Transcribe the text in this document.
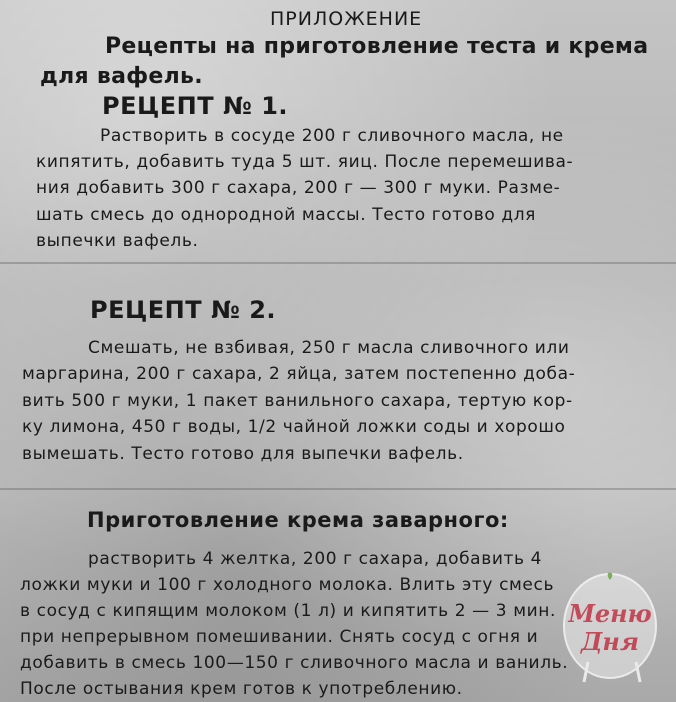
ПРИЛОЖЕНИЕ

Рецепты на приготовление теста и крема

для вафель.

РЕЦЕПТ № 1.

Растворить в сосуде 200 г сливочного масла, не

кипятить, добавить туда 5 шт. яиц. После перемешива-

ния добавить 300 г сахара, 200 г — 300 г муки. Разме-

шать смесь до однородной массы. Тесто готово для

выпечки вафель.

РЕЦЕПТ № 2.

Смешать, не взбивая, 250 г масла сливочного или

маргарина, 200 г сахара, 2 яйца, затем постепенно доба-

вить 500 г муки, 1 пакет ванильного сахара, тертую кор-

ку лимона, 450 г воды, 1/2 чайной ложки соды и хорошо

вымешать. Тесто готово для выпечки вафель.

Приготовление крема заварного:

растворить 4 желтка, 200 г сахара, добавить 4

ложки муки и 100 г холодного молока. Влить эту смесь

в сосуд с кипящим молоком (1 л) и кипятить 2 — 3 мин.

при непрерывном помешивании. Снять сосуд с огня и

добавить в смесь 100—150 г сливочного масла и ваниль.

После остывания крем готов к употреблению.

Меню
Дня
